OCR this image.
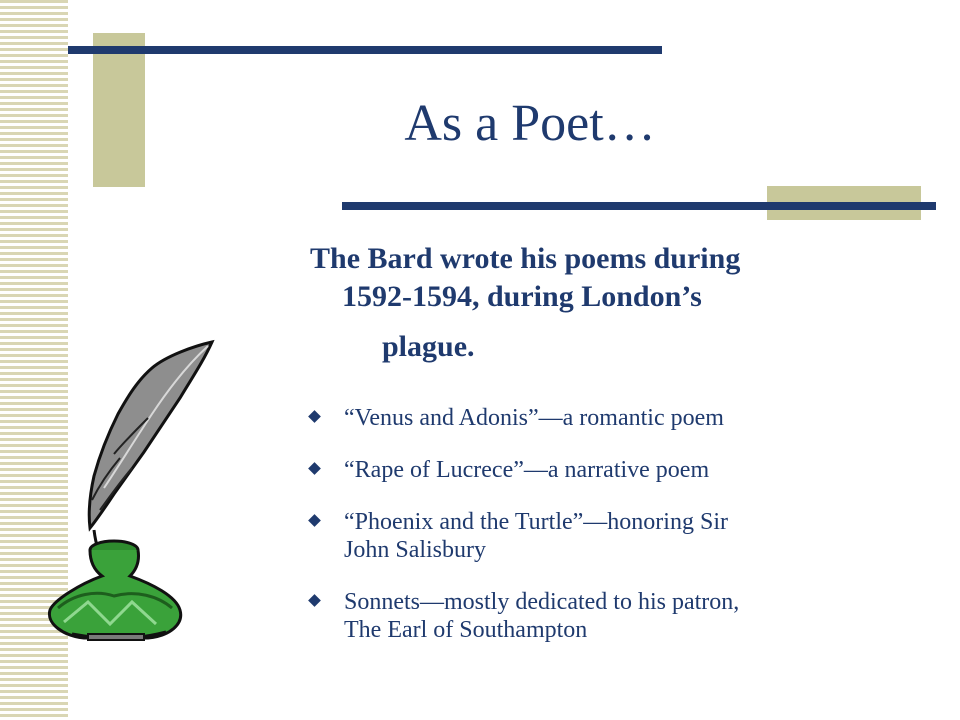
As a Poet…

The Bard wrote his poems during
1592-1594, during London’s
plague.

“Venus and Adonis”—a romantic poem
“Rape of Lucrece”—a narrative poem
“Phoenix and the Turtle”—honoring Sir
John Salisbury
Sonnets—mostly dedicated to his patron,
The Earl of Southampton
